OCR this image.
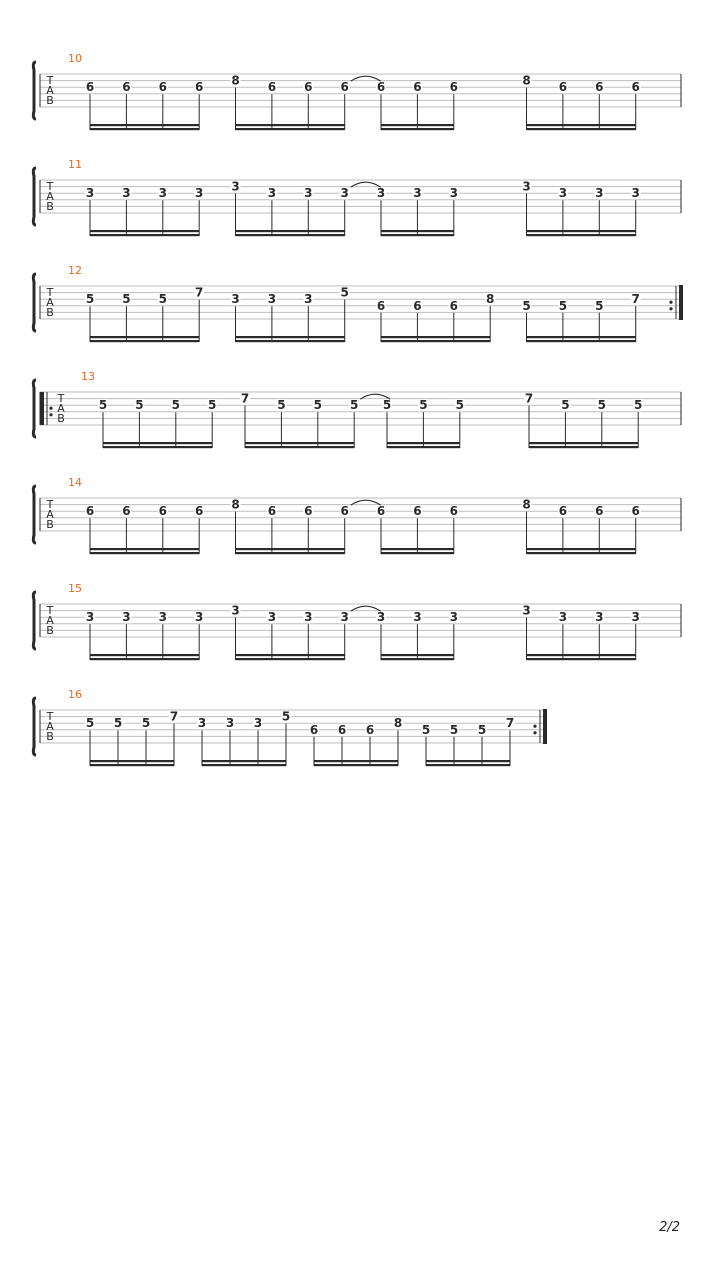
T
A
B
10
6 6 6 6 8 6 6 6 6 6 6	8 6 6 6
T
A
B
11
3 3 3 3 3 3 3 3 3 3 3	3 3 3 3
T
A
B
12
5 5 5 7 3 3 3 5
6 6 6 8 5 5 5 7
T
A
B
13
5 5 5 5 7 5 5 5 5 5 5	7 5 5 5
T
A
B
14
6 6 6 6 8 6 6 6 6 6 6	8 6 6 6
T
A
B
15
3 3 3 3 3 3 3 3 3 3 3	3 3 3 3
T
A
B
16
5 5 5 7 3 3 3 5
6 6 6 8 5 5 5 7
2/2
